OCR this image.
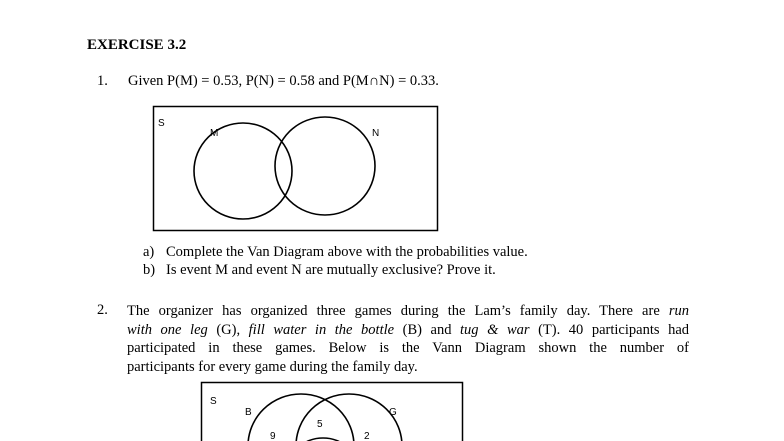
EXERCISE 3.2
1. Given P(M) = 0.53, P(N) = 0.58 and P(M∩N) = 0.33.
S
M	N
S
B	G
9
5
2
a) Complete the Van Diagram above with the probabilities value.
b) Is event M and event N are mutually exclusive? Prove it.
2. The organizer has organized three games during the Lam’s family day. There are run
with one leg (G), fill water in the bottle (B) and tug & war (T). 40 participants had
participated in these games. Below is the Vann Diagram shown the number of
participants for every game during the family day.
